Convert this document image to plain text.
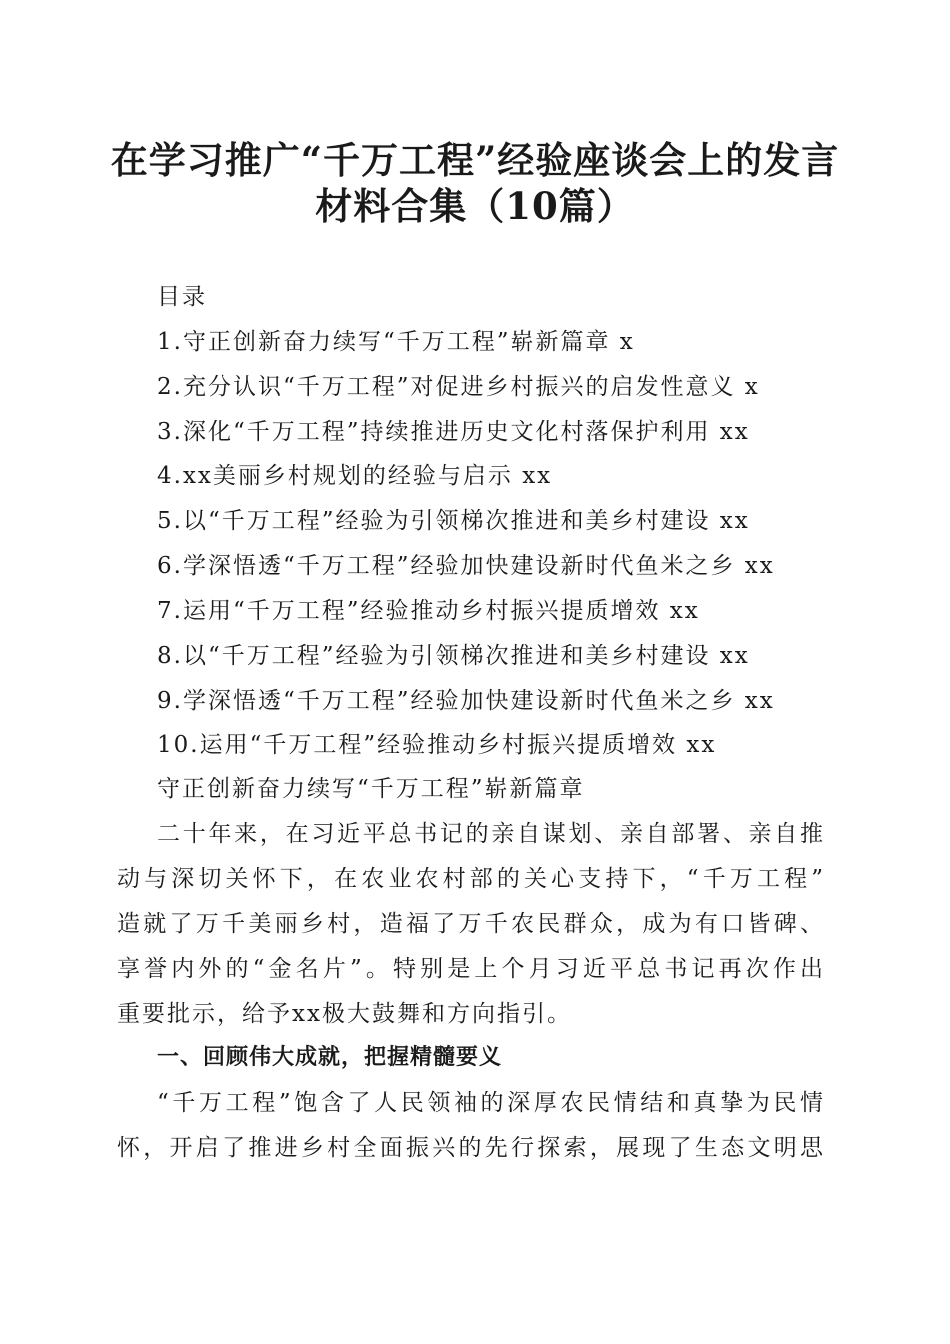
在学习推广“千万工程”经验座谈会上的发言
材料合集（10篇）
目录
1.守正创新奋力续写“千万工程”崭新篇章 x
2.充分认识“千万工程”对促进乡村振兴的启发性意义 x
3.深化“千万工程”持续推进历史文化村落保护利用 xx
4.xx美丽乡村规划的经验与启示 xx
5.以“千万工程”经验为引领梯次推进和美乡村建设 xx
6.学深悟透“千万工程”经验加快建设新时代鱼米之乡 xx
7.运用“千万工程”经验推动乡村振兴提质增效 xx
8.以“千万工程”经验为引领梯次推进和美乡村建设 xx
9.学深悟透“千万工程”经验加快建设新时代鱼米之乡 xx
10.运用“千万工程”经验推动乡村振兴提质增效 xx
守正创新奋力续写“千万工程”崭新篇章
二十年来，在习近平总书记的亲自谋划、亲自部署、亲自推
动与深切关怀下，在农业农村部的关心支持下，“千万工程”
造就了万千美丽乡村，造福了万千农民群众，成为有口皆碑、
享誉内外的“金名片”。特别是上个月习近平总书记再次作出
重要批示，给予xx极大鼓舞和方向指引。
一、回顾伟大成就，把握精髓要义
“千万工程”饱含了人民领袖的深厚农民情结和真挚为民情
怀，开启了推进乡村全面振兴的先行探索，展现了生态文明思
